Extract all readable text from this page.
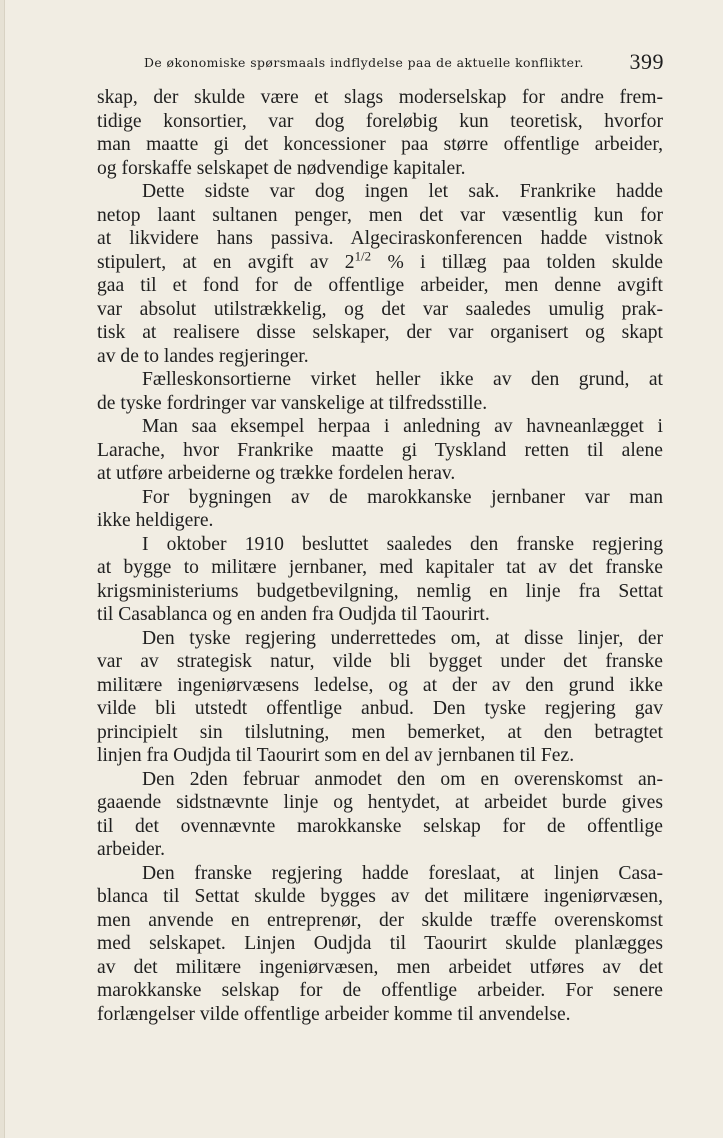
De økonomiske spørsmaals indflydelse paa de aktuelle konflikter. 399
skap, der skulde være et slags moderselskap for andre frem-
tidige konsortier, var dog foreløbig kun teoretisk, hvorfor
man maatte gi det koncessioner paa større offentlige arbeider,
og forskaffe selskapet de nødvendige kapitaler.
Dette sidste var dog ingen let sak. Frankrike hadde
netop laant sultanen penger, men det var væsentlig kun for
at likvidere hans passiva. Algeciraskonferencen hadde vistnok
stipulert, at en avgift av $2^{1/2}$ % i tillæg paa tolden skulde
gaa til et fond for de offentlige arbeider, men denne avgift
var absolut utilstrækkelig, og det var saaledes umulig prak-
tisk at realisere disse selskaper, der var organisert og skapt
av de to landes regjeringer.
Fælleskonsortierne virket heller ikke av den grund, at
de tyske fordringer var vanskelige at tilfredsstille.
Man saa eksempel herpaa i anledning av havneanlægget i
Larache, hvor Frankrike maatte gi Tyskland retten til alene
at utføre arbeiderne og trække fordelen herav.
For bygningen av de marokkanske jernbaner var man
ikke heldigere.
I oktober 1910 besluttet saaledes den franske regjering
at bygge to militære jernbaner, med kapitaler tat av det franske
krigsministeriums budgetbevilgning, nemlig en linje fra Settat
til Casablanca og en anden fra Oudjda til Taourirt.
Den tyske regjering underrettedes om, at disse linjer, der
var av strategisk natur, vilde bli bygget under det franske
militære ingeniørvæsens ledelse, og at der av den grund ikke
vilde bli utstedt offentlige anbud. Den tyske regjering gav
principielt sin tilslutning, men bemerket, at den betragtet
linjen fra Oudjda til Taourirt som en del av jernbanen til Fez.
Den 2den februar anmodet den om en overenskomst an-
gaaende sidstnævnte linje og hentydet, at arbeidet burde gives
til det ovennævnte marokkanske selskap for de offentlige
arbeider.
Den franske regjering hadde foreslaat, at linjen Casa-
blanca til Settat skulde bygges av det militære ingeniørvæsen,
men anvende en entreprenør, der skulde træffe overenskomst
med selskapet. Linjen Oudjda til Taourirt skulde planlægges
av det militære ingeniørvæsen, men arbeidet utføres av det
marokkanske selskap for de offentlige arbeider. For senere
forlængelser vilde offentlige arbeider komme til anvendelse.
